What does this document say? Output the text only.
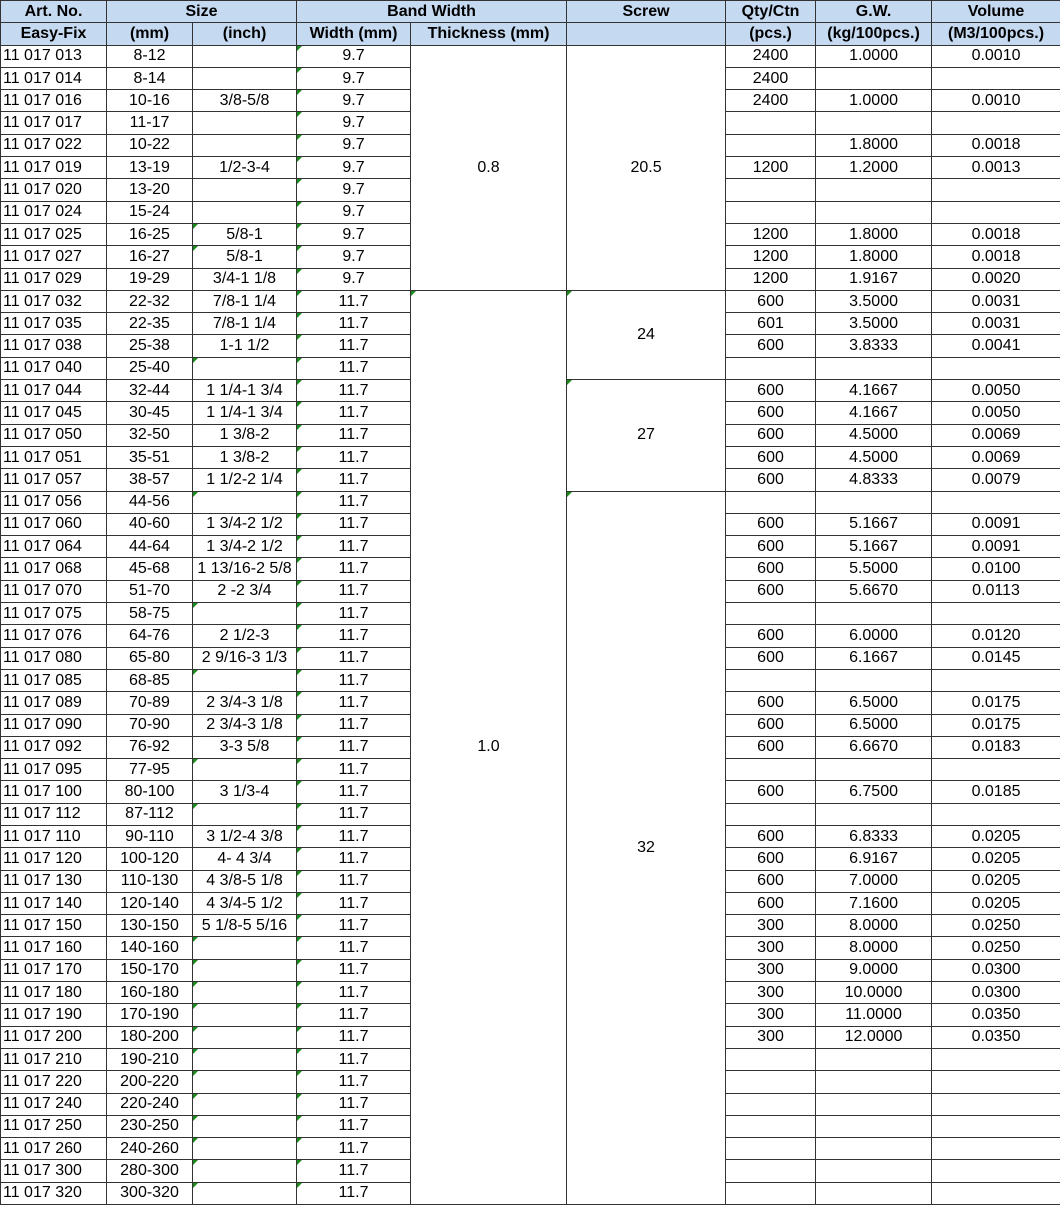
Art. No.	Size		Band Width		Screw	Qty/Ctn	G.W.	Volume
Easy-Fix	(mm)	(inch)	Width (mm)	Thickness (mm)		(pcs.)	(kg/100pcs.)	(M3/100pcs.)
11 017 013	8-12		9.7	0.8	20.5	2400	1.0000	0.0010
11 017 014	8-14		9.7			2400		
11 017 016	10-16	3/8-5/8	9.7			2400	1.0000	0.0010
11 017 017	11-17		9.7					
11 017 022	10-22		9.7				1.8000	0.0018
11 017 019	13-19	1/2-3-4	9.7			1200	1.2000	0.0013
11 017 020	13-20		9.7					
11 017 024	15-24		9.7					
11 017 025	16-25	5/8-1	9.7			1200	1.8000	0.0018
11 017 027	16-27	5/8-1	9.7			1200	1.8000	0.0018
11 017 029	19-29	3/4-1 1/8	9.7			1200	1.9167	0.0020
11 017 032	22-32	7/8-1 1/4	11.7	1.0	24	600	3.5000	0.0031
11 017 035	22-35	7/8-1 1/4	11.7			601	3.5000	0.0031
11 017 038	25-38	1-1 1/2	11.7			600	3.8333	0.0041
11 017 040	25-40		11.7					
11 017 044	32-44	1 1/4-1 3/4	11.7		27	600	4.1667	0.0050
11 017 045	30-45	1 1/4-1 3/4	11.7			600	4.1667	0.0050
11 017 050	32-50	1 3/8-2	11.7			600	4.5000	0.0069
11 017 051	35-51	1 3/8-2	11.7			600	4.5000	0.0069
11 017 057	38-57	1 1/2-2 1/4	11.7			600	4.8333	0.0079
11 017 056	44-56		11.7		32			
11 017 060	40-60	1 3/4-2 1/2	11.7			600	5.1667	0.0091
11 017 064	44-64	1 3/4-2 1/2	11.7			600	5.1667	0.0091
11 017 068	45-68	1 13/16-2 5/8	11.7			600	5.5000	0.0100
11 017 070	51-70	2 -2 3/4	11.7			600	5.6670	0.0113
11 017 075	58-75		11.7					
11 017 076	64-76	2 1/2-3	11.7			600	6.0000	0.0120
11 017 080	65-80	2 9/16-3 1/3	11.7			600	6.1667	0.0145
11 017 085	68-85		11.7					
11 017 089	70-89	2 3/4-3 1/8	11.7			600	6.5000	0.0175
11 017 090	70-90	2 3/4-3 1/8	11.7			600	6.5000	0.0175
11 017 092	76-92	3-3 5/8	11.7			600	6.6670	0.0183
11 017 095	77-95		11.7					
11 017 100	80-100	3 1/3-4	11.7			600	6.7500	0.0185
11 017 112	87-112		11.7					
11 017 110	90-110	3 1/2-4 3/8	11.7			600	6.8333	0.0205
11 017 120	100-120	4- 4 3/4	11.7			600	6.9167	0.0205
11 017 130	110-130	4 3/8-5 1/8	11.7			600	7.0000	0.0205
11 017 140	120-140	4 3/4-5 1/2	11.7			600	7.1600	0.0205
11 017 150	130-150	5 1/8-5 5/16	11.7			300	8.0000	0.0250
11 017 160	140-160		11.7			300	8.0000	0.0250
11 017 170	150-170		11.7			300	9.0000	0.0300
11 017 180	160-180		11.7			300	10.0000	0.0300
11 017 190	170-190		11.7			300	11.0000	0.0350
11 017 200	180-200		11.7			300	12.0000	0.0350
11 017 210	190-210		11.7					
11 017 220	200-220		11.7					
11 017 240	220-240		11.7					
11 017 250	230-250		11.7					
11 017 260	240-260		11.7					
11 017 300	280-300		11.7					
11 017 320	300-320		11.7					
